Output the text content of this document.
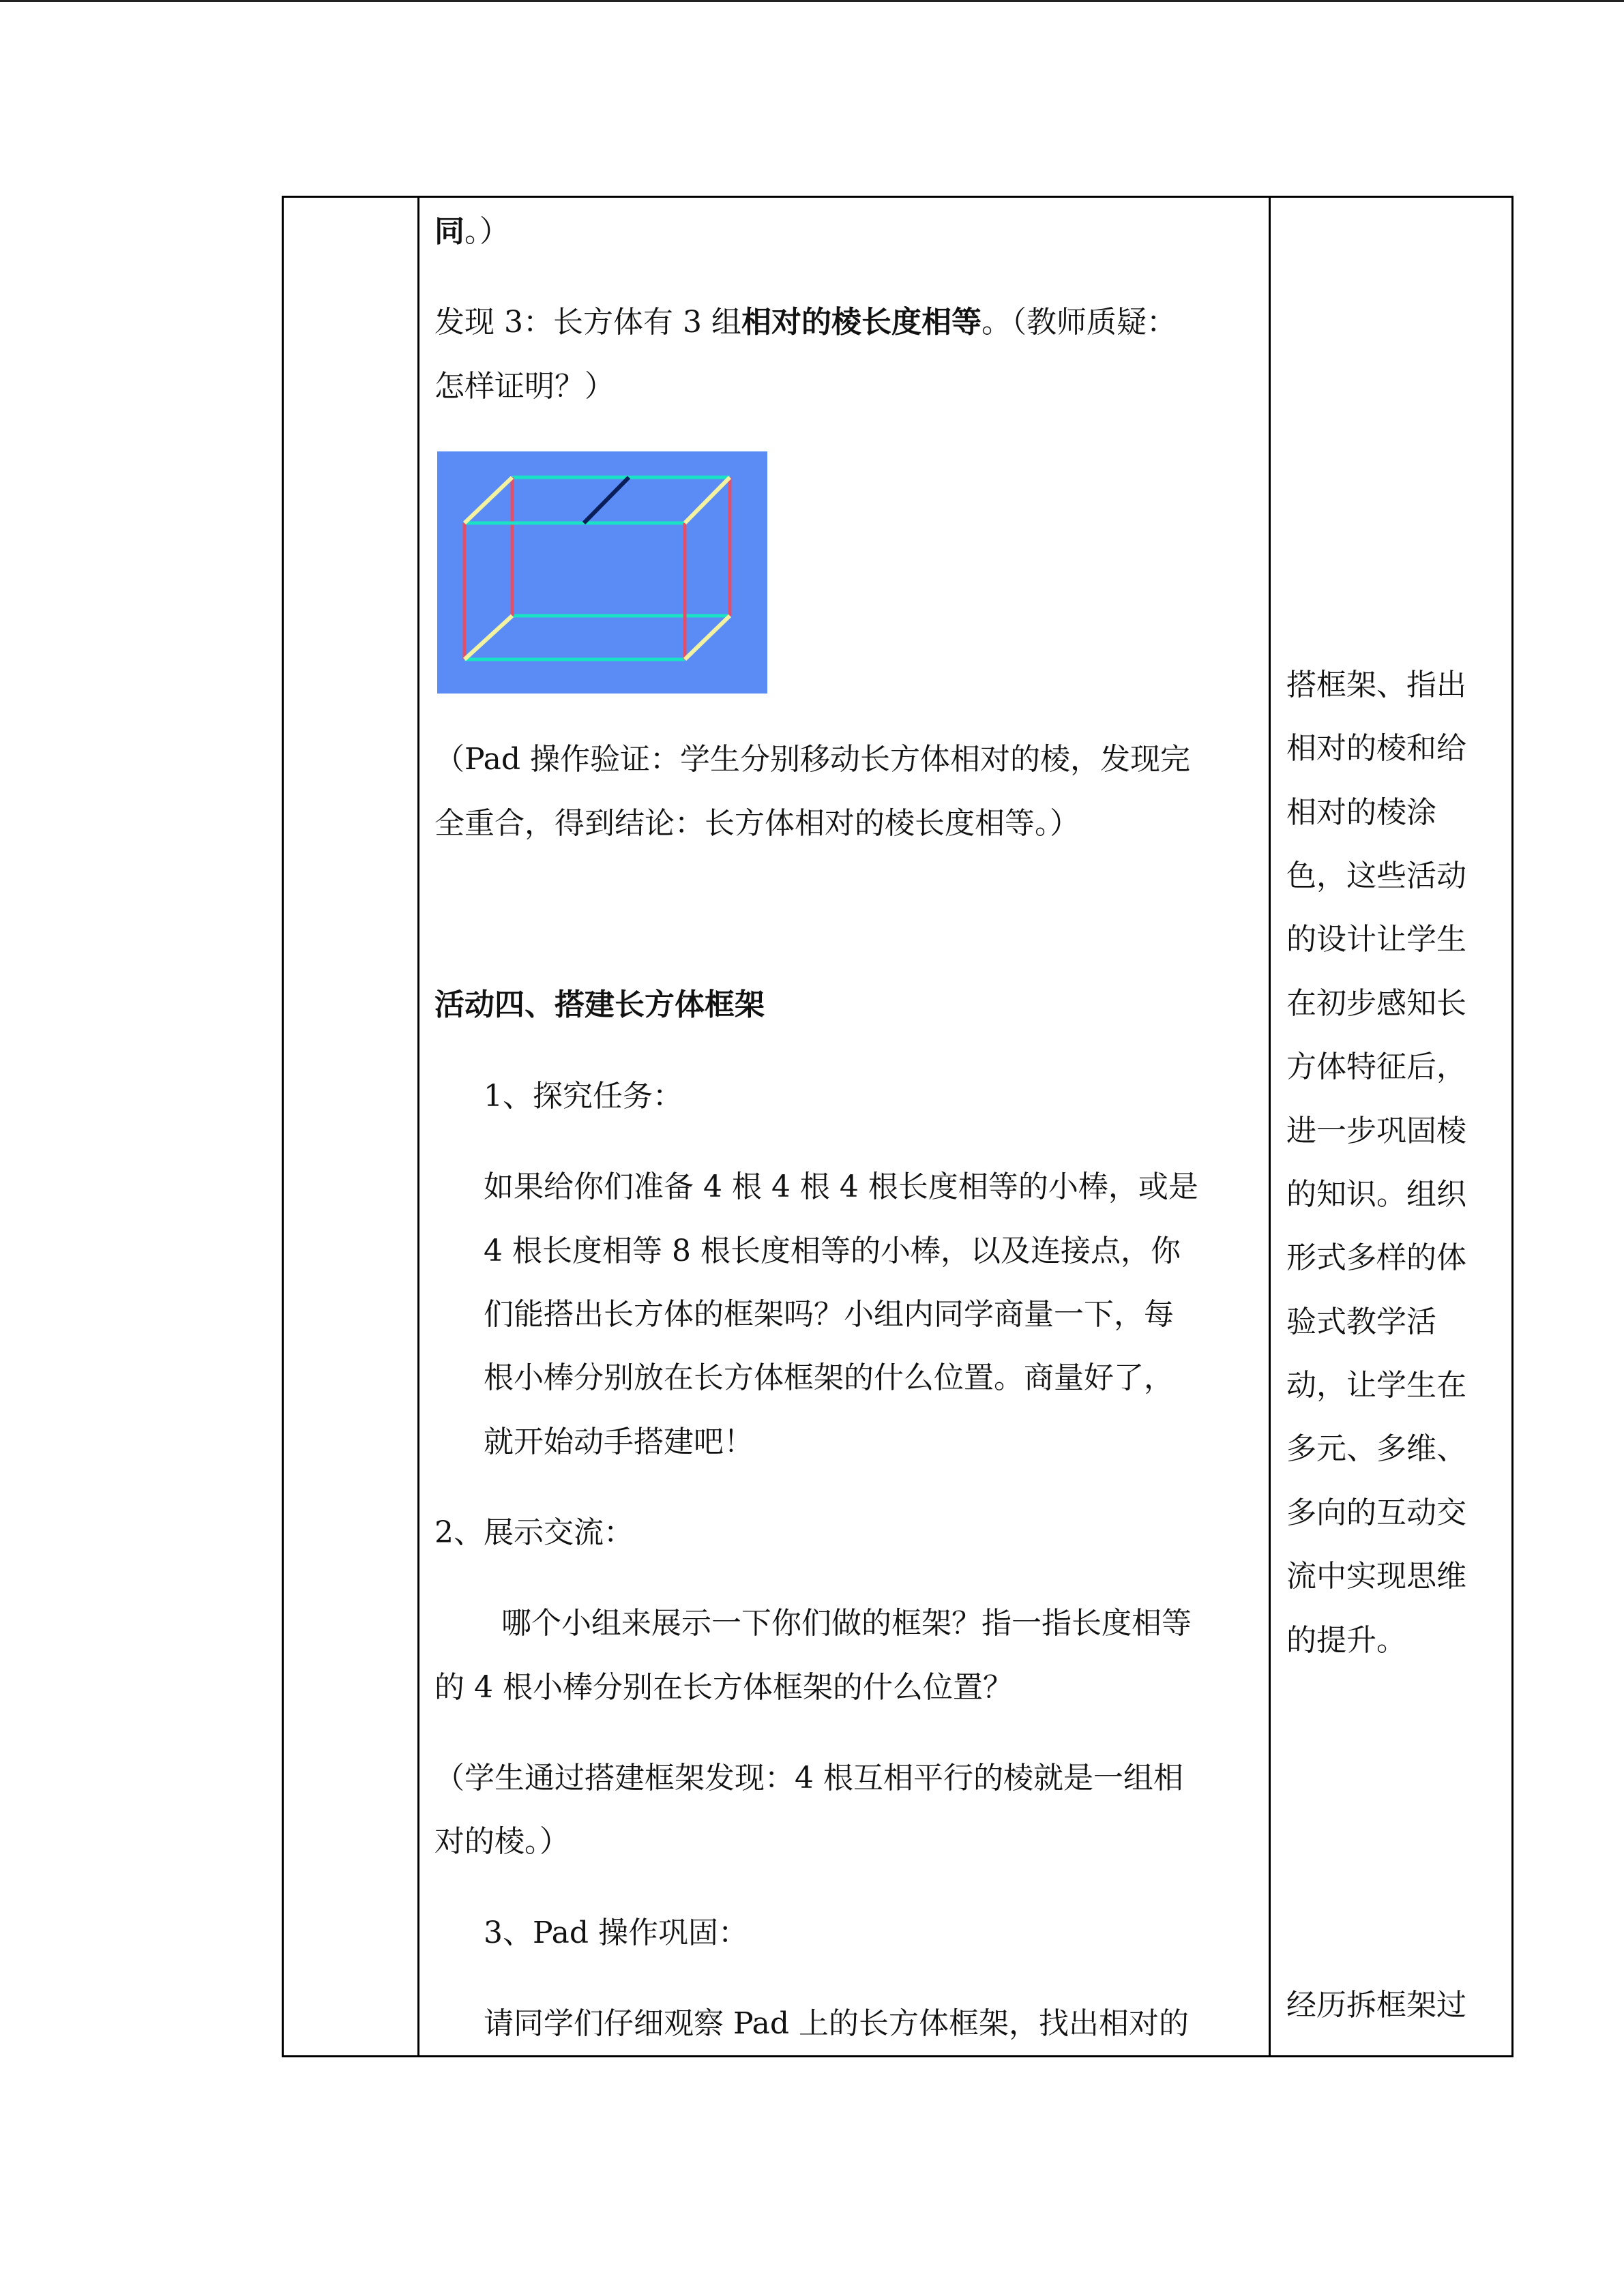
同。）
发现 3：长方体有 3 组相对的棱长度相等。（教师质疑：
怎样证明？）
（Pad 操作验证：学生分别移动长方体相对的棱，发现完
全重合，得到结论：长方体相对的棱长度相等。）
活动四、搭建长方体框架
1、探究任务：
如果给你们准备 4 根 4 根 4 根长度相等的小棒，或是
4 根长度相等 8 根长度相等的小棒，以及连接点，你
们能搭出长方体的框架吗？小组内同学商量一下，每
根小棒分别放在长方体框架的什么位置。商量好了，
就开始动手搭建吧！
2、展示交流：
哪个小组来展示一下你们做的框架？指一指长度相等
的 4 根小棒分别在长方体框架的什么位置？
（学生通过搭建框架发现：4 根互相平行的棱就是一组相
对的棱。）
3、Pad 操作巩固：
请同学们仔细观察 Pad 上的长方体框架，找出相对的
搭框架、指出
相对的棱和给
相对的棱涂
色，这些活动
的设计让学生
在初步感知长
方体特征后，
进一步巩固棱
的知识。组织
形式多样的体
验式教学活
动，让学生在
多元、多维、
多向的互动交
流中实现思维
的提升。
经历拆框架过
